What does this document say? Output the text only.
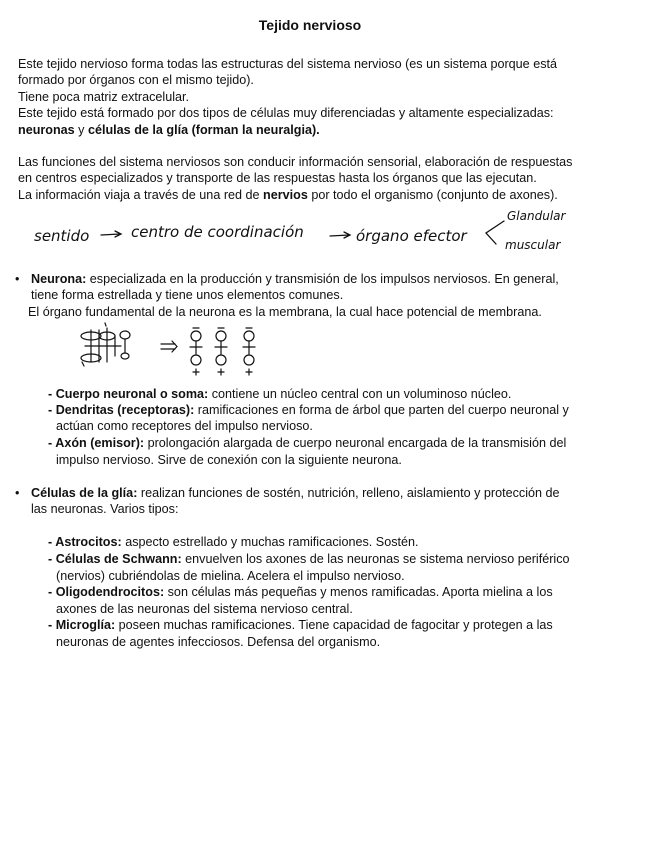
Tejido nervioso
Este tejido nervioso forma todas las estructuras del sistema nervioso (es un sistema porque está
formado por órganos con el mismo tejido).
Tiene poca matriz extracelular.
Este tejido está formado por dos tipos de células muy diferenciadas y altamente especializadas:
neuronas y células de la glía (forman la neuralgia).
Las funciones del sistema nerviosos son conducir información sensorial, elaboración de respuestas
en centros especializados y transporte de las respuestas hasta los órganos que las ejecutan.
La información viaja a través de una red de nervios por todo el organismo (conjunto de axones).
sentido	centro de coordinación	órgano efector
Glandular
muscular
• Neurona: especializada en la producción y transmisión de los impulsos nerviosos. En general,
tiene forma estrellada y tiene unos elementos comunes.
El órgano fundamental de la neurona es la membrana, la cual hace potencial de membrana.
- Cuerpo neuronal o soma: contiene un núcleo central con un voluminoso núcleo.
- Dendritas (receptoras): ramificaciones en forma de árbol que parten del cuerpo neuronal y
actúan como receptores del impulso nervioso.
- Axón (emisor): prolongación alargada de cuerpo neuronal encargada de la transmisión del
impulso nervioso. Sirve de conexión con la siguiente neurona.
• Células de la glía: realizan funciones de sostén, nutrición, relleno, aislamiento y protección de
las neuronas. Varios tipos:
- Astrocitos: aspecto estrellado y muchas ramificaciones. Sostén.
- Células de Schwann: envuelven los axones de las neuronas se sistema nervioso periférico
(nervios) cubriéndolas de mielina. Acelera el impulso nervioso.
- Oligodendrocitos: son células más pequeñas y menos ramificadas. Aporta mielina a los
axones de las neuronas del sistema nervioso central.
- Microglía: poseen muchas ramificaciones. Tiene capacidad de fagocitar y protegen a las
neuronas de agentes infecciosos. Defensa del organismo.
